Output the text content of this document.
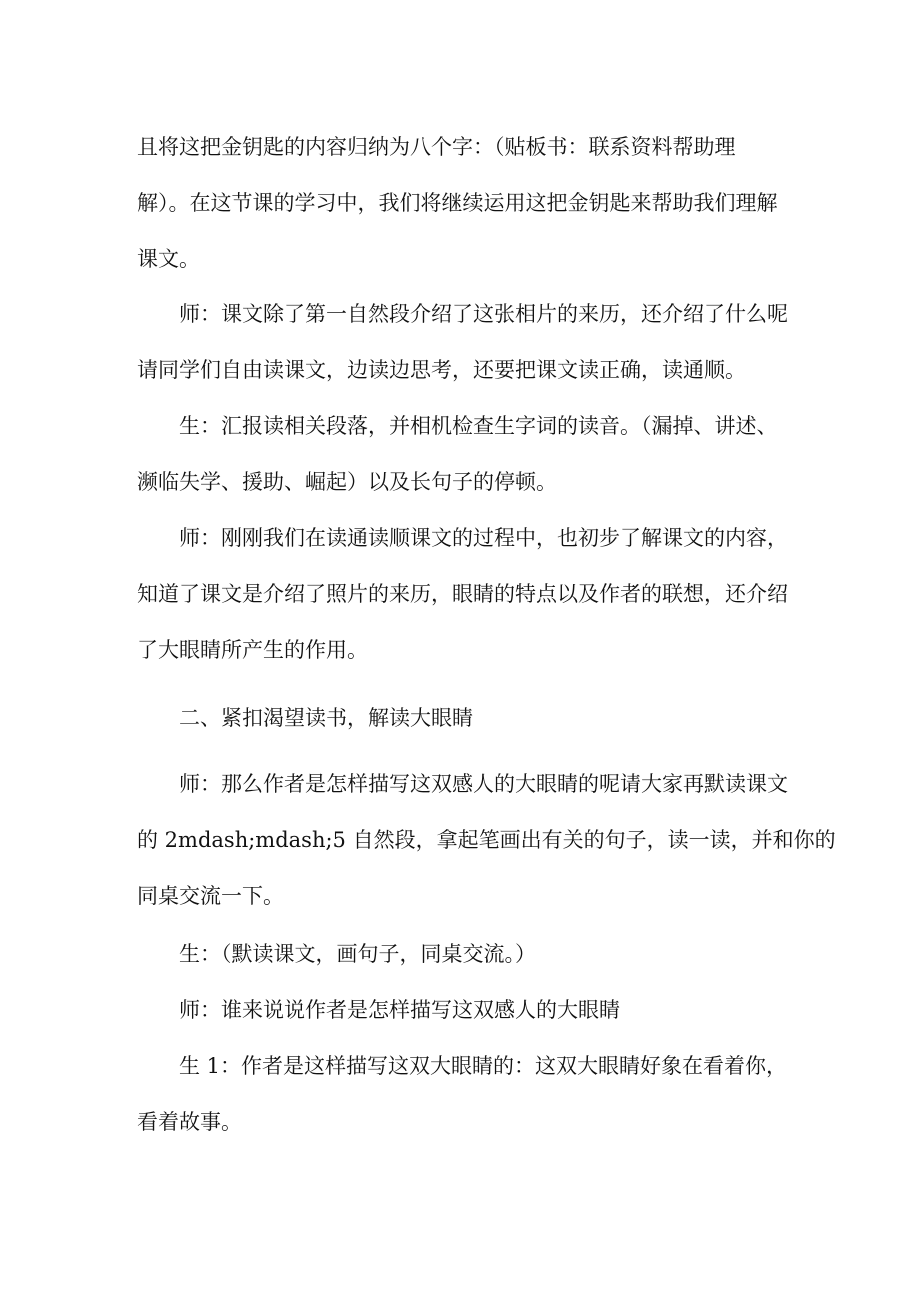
且将这把金钥匙的内容归纳为八个字：（贴板书：联系资料帮助理
解）。在这节课的学习中，我们将继续运用这把金钥匙来帮助我们理解
课文。
师：课文除了第一自然段介绍了这张相片的来历，还介绍了什么呢
请同学们自由读课文，边读边思考，还要把课文读正确，读通顺。
生：汇报读相关段落，并相机检查生字词的读音。（漏掉、讲述、
濒临失学、援助、崛起）以及长句子的停顿。
师：刚刚我们在读通读顺课文的过程中，也初步了解课文的内容，
知道了课文是介绍了照片的来历，眼睛的特点以及作者的联想，还介绍
了大眼睛所产生的作用。
二、紧扣渴望读书，解读大眼睛
师：那么作者是怎样描写这双感人的大眼睛的呢请大家再默读课文
的 2mdash;mdash;5 自然段，拿起笔画出有关的句子，读一读，并和你的
同桌交流一下。
生：（默读课文，画句子，同桌交流。）
师：谁来说说作者是怎样描写这双感人的大眼睛
生 1：作者是这样描写这双大眼睛的：这双大眼睛好象在看着你，
看着故事。
